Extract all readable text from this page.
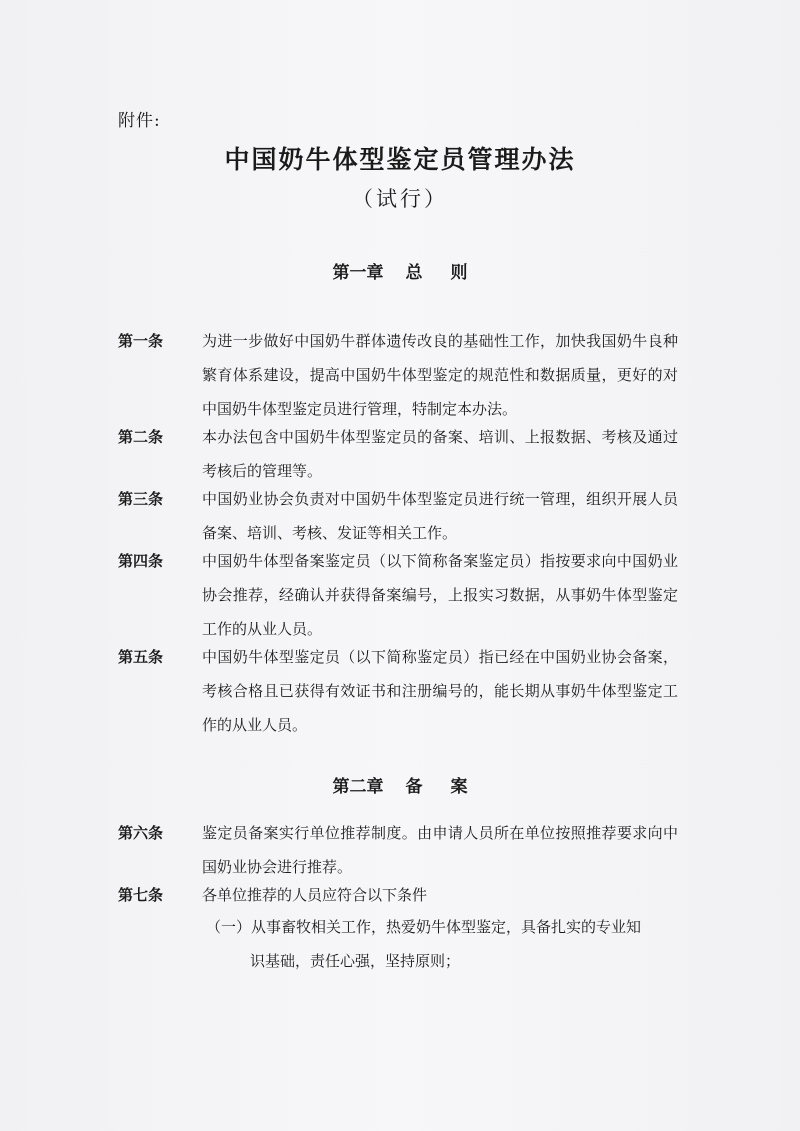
附件:
中国奶牛体型鉴定员管理办法
（试行）
第一章 总 则
第一条	为进一步做好中国奶牛群体遗传改良的基础性工作，加快我国奶牛良种繁育体系建设，提高中国奶牛体型鉴定的规范性和数据质量，更好的对中国奶牛体型鉴定员进行管理，特制定本办法。
第二条	本办法包含中国奶牛体型鉴定员的备案、培训、上报数据、考核及通过考核后的管理等。
第三条	中国奶业协会负责对中国奶牛体型鉴定员进行统一管理，组织开展人员备案、培训、考核、发证等相关工作。
第四条	中国奶牛体型备案鉴定员（以下简称备案鉴定员）指按要求向中国奶业协会推荐，经确认并获得备案编号，上报实习数据，从事奶牛体型鉴定工作的从业人员。
第五条	中国奶牛体型鉴定员（以下简称鉴定员）指已经在中国奶业协会备案，考核合格且已获得有效证书和注册编号的，能长期从事奶牛体型鉴定工作的从业人员。
第二章 备 案
第六条	鉴定员备案实行单位推荐制度。由申请人员所在单位按照推荐要求向中国奶业协会进行推荐。
第七条	各单位推荐的人员应符合以下条件
（一）从事畜牧相关工作，热爱奶牛体型鉴定，具备扎实的专业知
识基础，责任心强，坚持原则；
